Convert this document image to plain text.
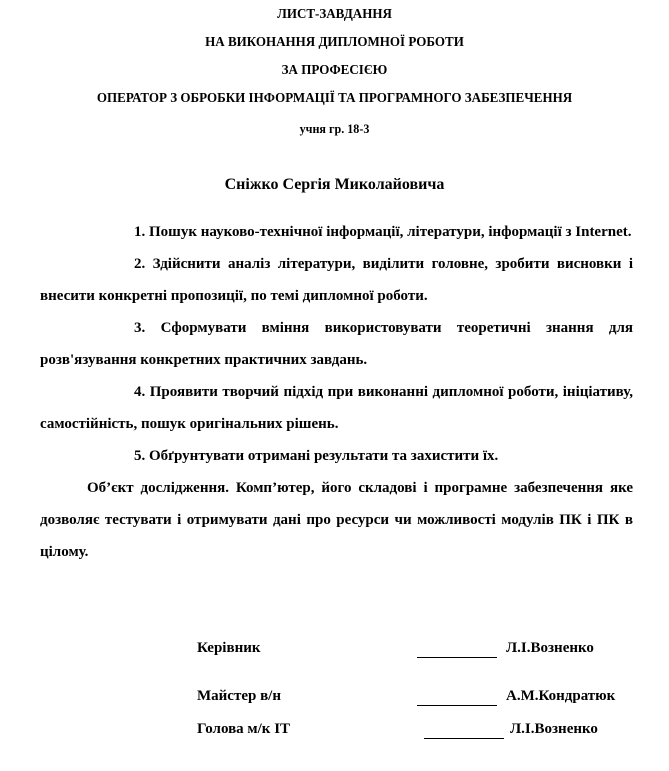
ЛИСТ-ЗАВДАННЯ
НА ВИКОНАННЯ ДИПЛОМНОЇ РОБОТИ
ЗА ПРОФЕСІЄЮ
ОПЕРАТОР З ОБРОБКИ ІНФОРМАЦІЇ ТА ПРОГРАМНОГО ЗАБЕЗПЕЧЕННЯ
учня гр. 18-3
Сніжко Сергія Миколайовича

1. Пошук науково-технічної інформації, літератури, інформації з Internet.

2. Здійснити аналіз літератури, виділити головне, зробити висновки і внесити конкретні пропозиції, по темі дипломної роботи.

3. Сформувати вміння використовувати теоретичні знання для розв'язування конкретних практичних завдань.

4. Проявити творчий підхід при виконанні дипломної роботи, ініціативу, самостійність, пошук оригінальних рішень.

5. Обґрунтувати отримані результати та захистити їх.

Об’єкт дослідження. Комп’ютер, його складові і програмне забезпечення яке дозволяє тестувати і отримувати дані про ресурси чи можливості модулів ПК і ПК в цілому.

Керівник	Л.І.Возненко
Майстер в/н	А.М.Кондратюк
Голова м/к ІТ	Л.І.Возненко
